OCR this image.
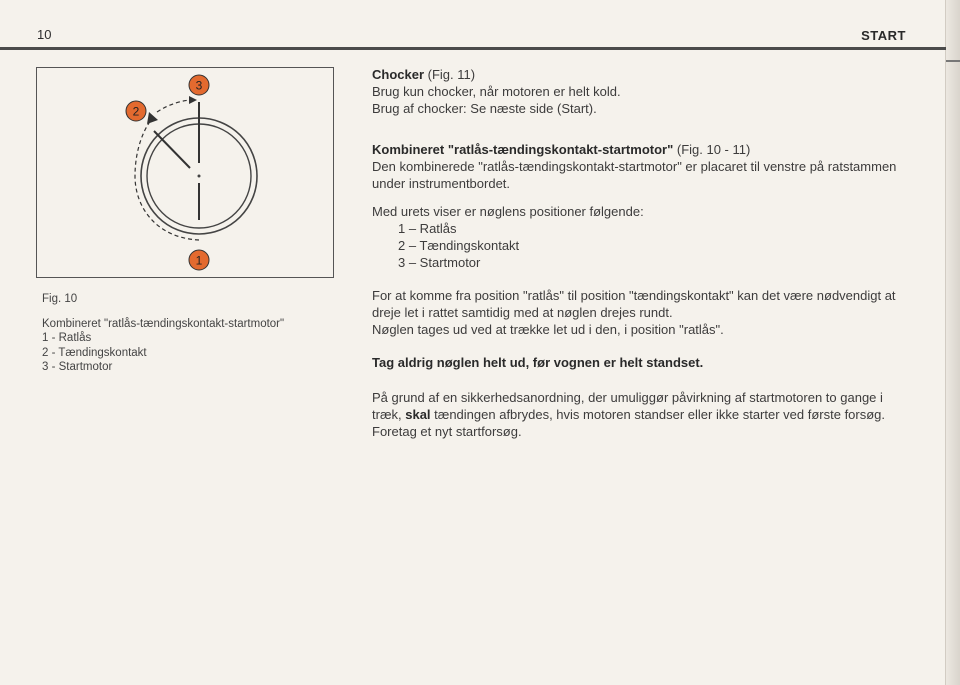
10	START
3
2
1
Fig. 10
Kombineret "ratlås-tændingskontakt-startmotor"
1 - Ratlås
2 - Tændingskontakt
3 - Startmotor

Chocker (Fig. 11)

Brug kun chocker, når motoren er helt kold.

Brug af chocker: Se næste side (Start).

Kombineret "ratlås-tændingskontakt-startmotor" (Fig. 10 - 11)

Den kombinerede "ratlås-tændingskontakt-startmotor" er placaret til venstre på ratstammen under instrumentbordet.

Med urets viser er nøglens positioner følgende:

1 – Ratlås

2 – Tændingskontakt

3 – Startmotor

For at komme fra position "ratlås" til position "tændingskontakt" kan det være nødvendigt at dreje let i rattet samtidig med at nøglen drejes rundt.

Nøglen tages ud ved at trække let ud i den, i position "ratlås".

Tag aldrig nøglen helt ud, før vognen er helt standset.

På grund af en sikkerhedsanordning, der umuliggør påvirkning af startmotoren to gange i træk, skal tændingen afbrydes, hvis motoren standser eller ikke starter ved første forsøg. Foretag et nyt startforsøg.
